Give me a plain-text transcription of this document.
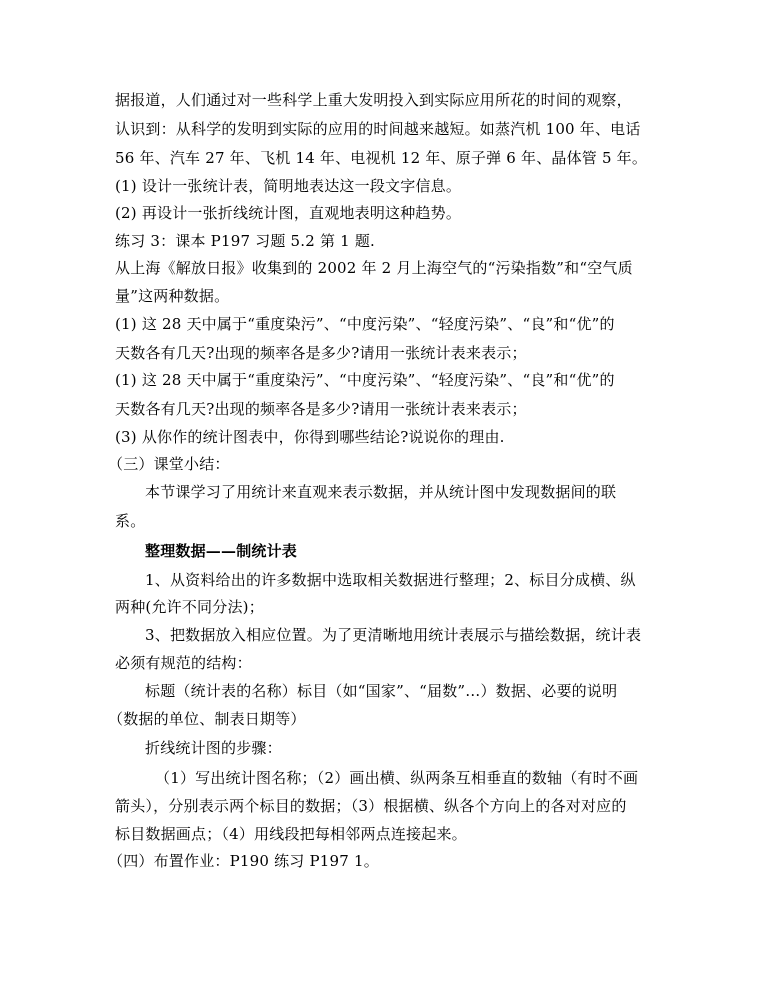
据报道，人们通过对一些科学上重大发明投入到实际应用所花的时间的观察，
认识到：从科学的发明到实际的应用的时间越来越短。如蒸汽机 100 年、电话
56 年、汽车 27 年、飞机 14 年、电视机 12 年、原子弹 6 年、晶体管 5 年。
(1) 设计一张统计表，简明地表达这一段文字信息。
(2) 再设计一张折线统计图，直观地表明这种趋势。
练习 3：课本 P197 习题 5.2 第 1 题.
从上海《解放日报》收集到的 2002 年 2 月上海空气的“污染指数”和“空气质
量”这两种数据。
(1) 这 28 天中属于“重度染污”、“中度污染”、“轻度污染”、“良”和“优”的
天数各有几天?出现的频率各是多少?请用一张统计表来表示；
(1) 这 28 天中属于“重度染污”、“中度污染”、“轻度污染”、“良”和“优”的
天数各有几天?出现的频率各是多少?请用一张统计表来表示；
(3) 从你作的统计图表中，你得到哪些结论?说说你的理由.
（三）课堂小结：
本节课学习了用统计来直观来表示数据，并从统计图中发现数据间的联
系。
整理数据——制统计表
1、从资料给出的许多数据中选取相关数据进行整理；2、标目分成横、纵
两种(允许不同分法)；
3、把数据放入相应位置。为了更清晰地用统计表展示与描绘数据，统计表
必须有规范的结构：
标题（统计表的名称）标目（如“国家”、“届数”…）数据、必要的说明
（数据的单位、制表日期等）
折线统计图的步骤：
（1）写出统计图名称；（2）画出横、纵两条互相垂直的数轴（有时不画
箭头），分别表示两个标目的数据；（3）根据横、纵各个方向上的各对对应的
标目数据画点；（4）用线段把每相邻两点连接起来。
（四）布置作业：P190 练习 P197 1。
